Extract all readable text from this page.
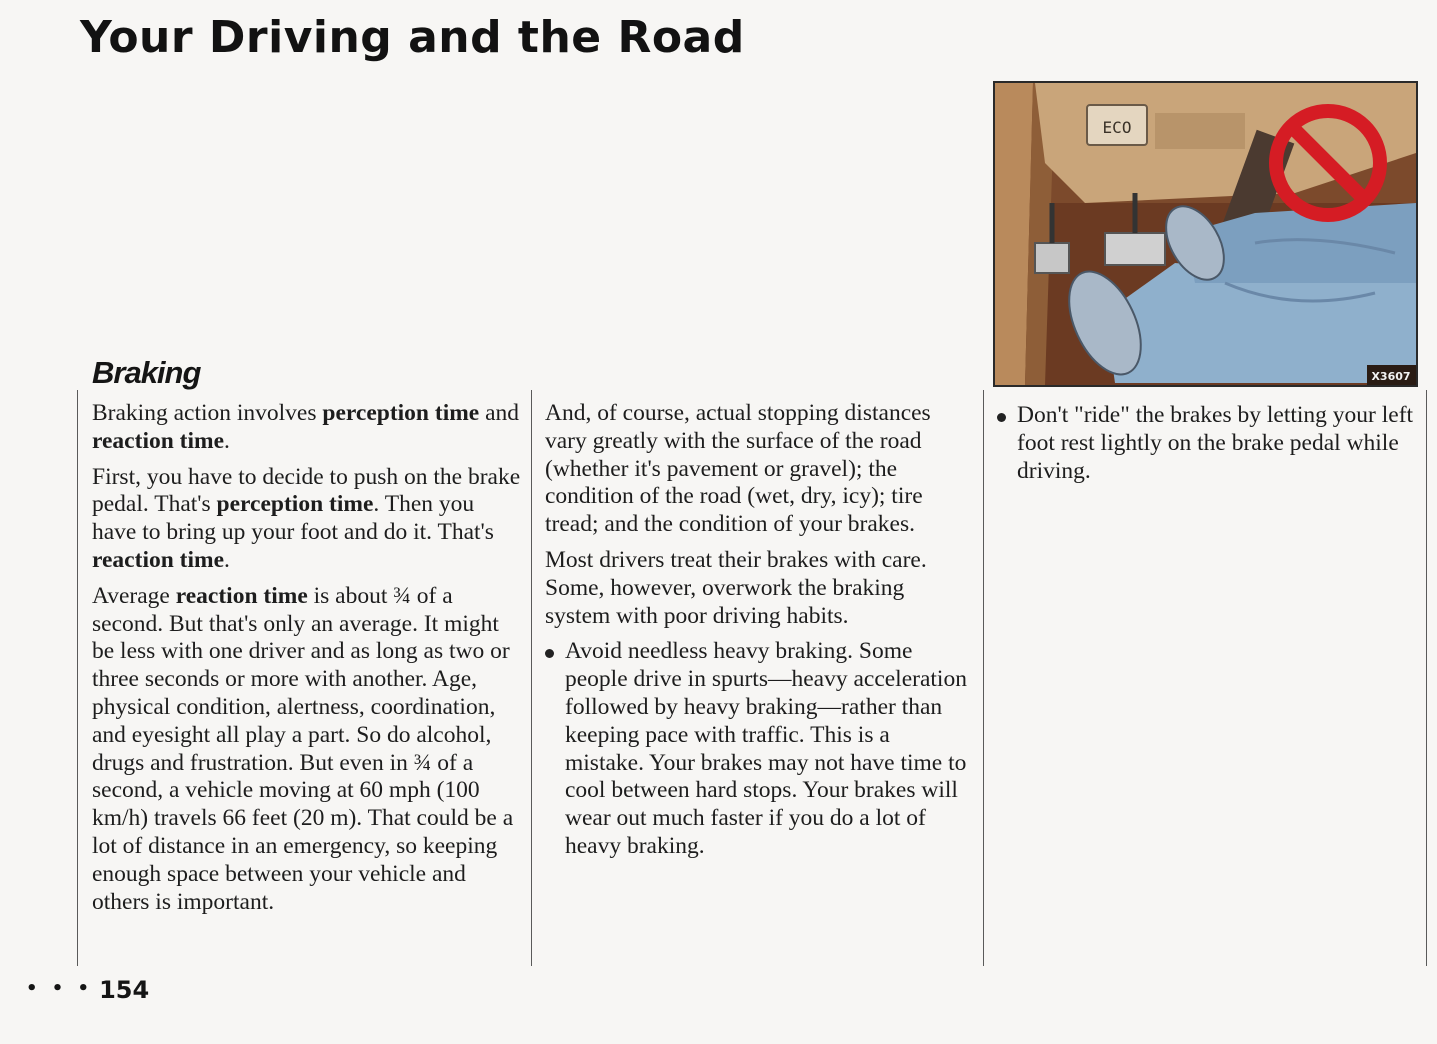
Your Driving and the Road
ECO
X3607
Braking

Braking action involves perception time and reaction time.

First, you have to decide to push on the brake pedal. That's perception time. Then you have to bring up your foot and do it. That's reaction time.

Average reaction time is about ¾ of a second. But that's only an average. It might be less with one driver and as long as two or three seconds or more with another. Age, physical condition, alertness, coordination, and eyesight all play a part. So do alcohol, drugs and frustration. But even in ¾ of a second, a vehicle moving at 60 mph (100 km/h) travels 66 feet (20 m). That could be a lot of distance in an emergency, so keeping enough space between your vehicle and others is important.

And, of course, actual stopping distances vary greatly with the surface of the road (whether it's pavement or gravel); the condition of the road (wet, dry, icy); tire tread; and the condition of your brakes.

Most drivers treat their brakes with care. Some, however, overwork the braking system with poor driving habits.

Avoid needless heavy braking. Some people drive in spurts—heavy acceleration followed by heavy braking—rather than keeping pace with traffic. This is a mistake. Your brakes may not have time to cool between hard stops. Your brakes will wear out much faster if you do a lot of heavy braking.
Don't "ride" the brakes by letting your left foot rest lightly on the brake pedal while driving.
• • • 154
